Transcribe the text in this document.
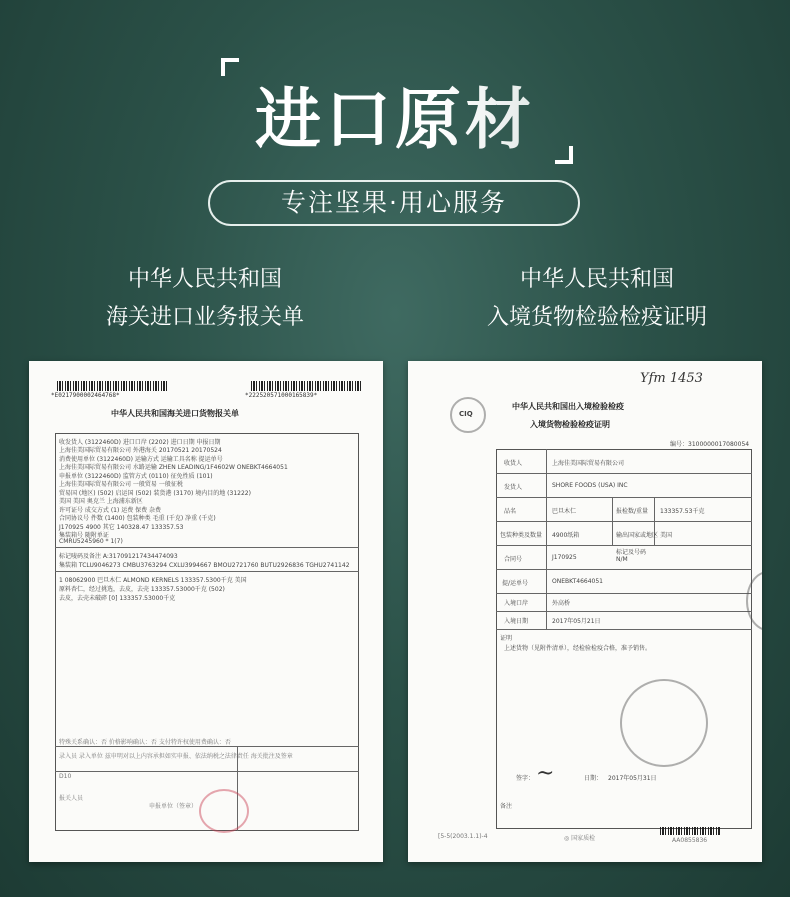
进口原材
专注坚果·用心服务
中华人民共和国
海关进口业务报关单
中华人民共和国
入境货物检验检疫证明
*E0217900002464768*	*222520571000165839*
中华人民共和国海关进口货物报关单
收发货人 (3122460D) 进口口岸 (2202) 进口日期 申报日期
上海佳美国际贸易有限公司 外港海关 20170521 20170524
消费使用单位 (3122460D) 运输方式 运输工具名称 提运单号
上海佳美国际贸易有限公司 水路运输 ZHEN LEADING/1F4602W ONEBKT4664051
申报单位 (3122460D) 监管方式 (0110) 征免性质 (101)
上海佳美国际贸易有限公司 一般贸易 一般征税
贸易国 (地区) (502) 启运国 (502) 装货港 (3170) 境内目的地 (31222)
美国 美国 奥克兰 上海浦东新区
许可证号 成交方式 (1) 运费 保费 杂费
合同协议号 件数 (1400) 包装种类 毛重 (千克) 净重 (千克)
J170925 4900 其它 140328.47 133357.53
集装箱号 随附单证
CMRU5245960 * 1(7)
标记唛码及备注 A:317091217434474093
集装箱 TCLU9046273 CMBU3763294 CXLU3994667 BMOU2721760 BUTU2926836 TGHU2741142
1 08062900 巴旦木仁 ALMOND KERNELS 133357.5300千克 美国
原料杏仁，经过挑选，去皮，去壳 133357.53000千克 (502)
去皮，去壳未破碎 [0] 133357.53000千克
特殊关系确认：否 价格影响确认：否 支付特许权使用费确认：否
录入员 录入单位 兹申明对以上内容承担如实申报、依法纳税之法律责任 海关批注及签章
D10
报关人员
申报单位（签章）
Yfm 1453
CIQ
中华人民共和国出入境检验检疫
入境货物检验检疫证明
编号：3100000017080054
收货人	上海佳美国际贸易有限公司
发货人	SHORE FOODS (USA) INC
品名	巴旦木仁	报检数/重量 133357.53千克
包装种类及数量 4900纸箱	输出国家或地区 美国
合同号	J170925
标记及号码
N/M
提/运单号	ONEBKT4664051
入境口岸	外高桥
入境日期	2017年05月21日
证明
上述货物（见附件清单），经检验检疫合格，准予销售。
签字： ~	日期： 2017年05月31日
备注
[5-5(2003.1.1)-4	◎ 国家质检	AA0855836
